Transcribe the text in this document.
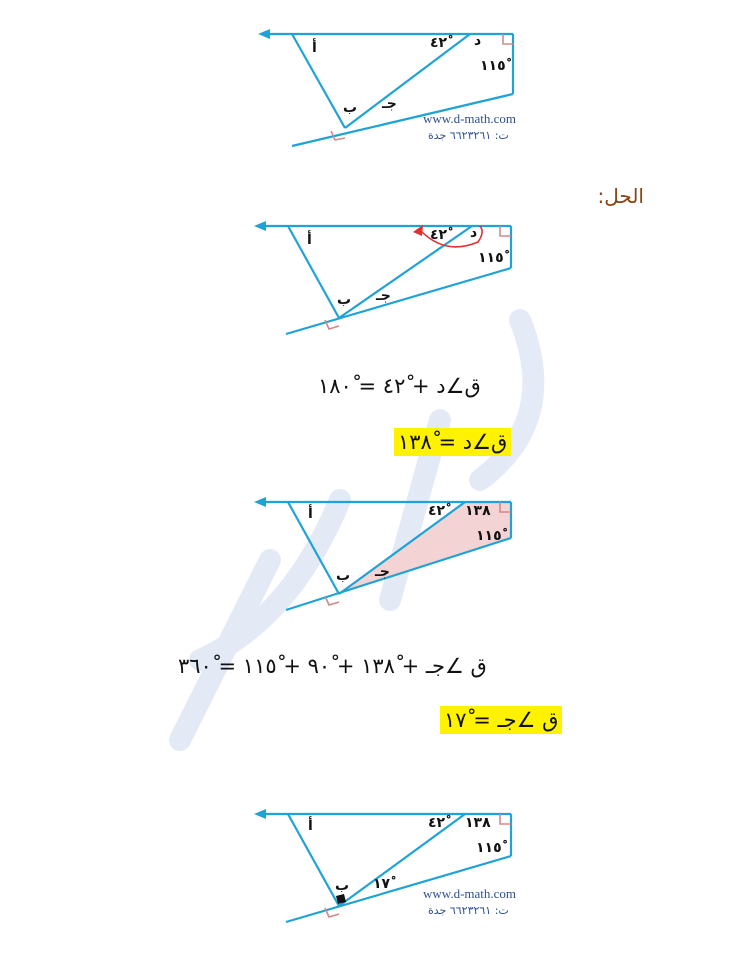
أ	٤٢ْ	د
١١٥ْ
ب جـ
www.d-math.com
ت: ٦٦٢٣٢٦١ جدة
الحل:
أ	٤٢ْ	د
١١٥ْ
ب جـ
ق∠د + ٤٢ْ = ١٨٠ْ
ق∠د = ١٣٨ْ
أ	٤٢ْ	١٣٨
١١٥ْ
ب جـ
ق ∠جـ + ١٣٨ْ + ٩٠ْ + ١١٥ْ = ٣٦٠ْ
ق ∠جـ = ١٧ْ
أ	٤٢ْ	١٣٨
١١٥ْ
ب ١٧ْ
www.d-math.com
ت: ٦٦٢٣٢٦١ جدة
